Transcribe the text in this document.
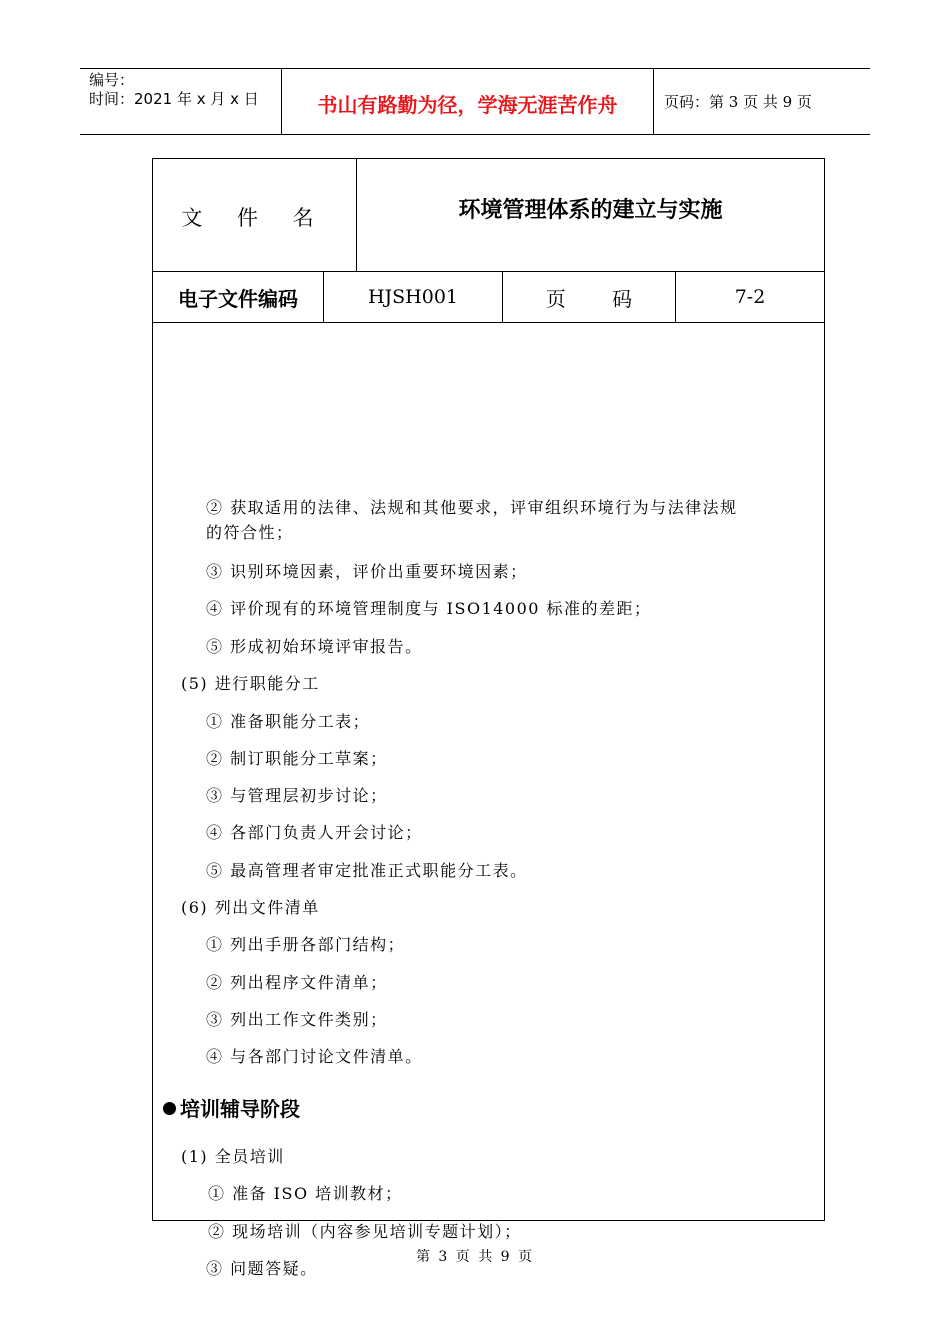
编号：
时间：2021 年 x 月 x 日	书山有路勤为径，学海无涯苦作舟	页码：第 3 页 共 9 页
文 件 名	环境管理体系的建立与实施
电子文件编码	HJSH001	页 码	7-2
② 获取适用的法律、法规和其他要求，评审组织环境行为与法律法规
的符合性；
③ 识别环境因素，评价出重要环境因素；
④ 评价现有的环境管理制度与 ISO14000 标准的差距；
⑤ 形成初始环境评审报告。
(5) 进行职能分工
① 准备职能分工表；
② 制订职能分工草案；
③ 与管理层初步讨论；
④ 各部门负责人开会讨论；
⑤ 最高管理者审定批准正式职能分工表。
(6) 列出文件清单
① 列出手册各部门结构；
② 列出程序文件清单；
③ 列出工作文件类别；
④ 与各部门讨论文件清单。
培训辅导阶段
(1) 全员培训
① 准备 ISO 培训教材；
② 现场培训（内容参见培训专题计划）；
③ 问题答疑。
第 3 页 共 9 页
